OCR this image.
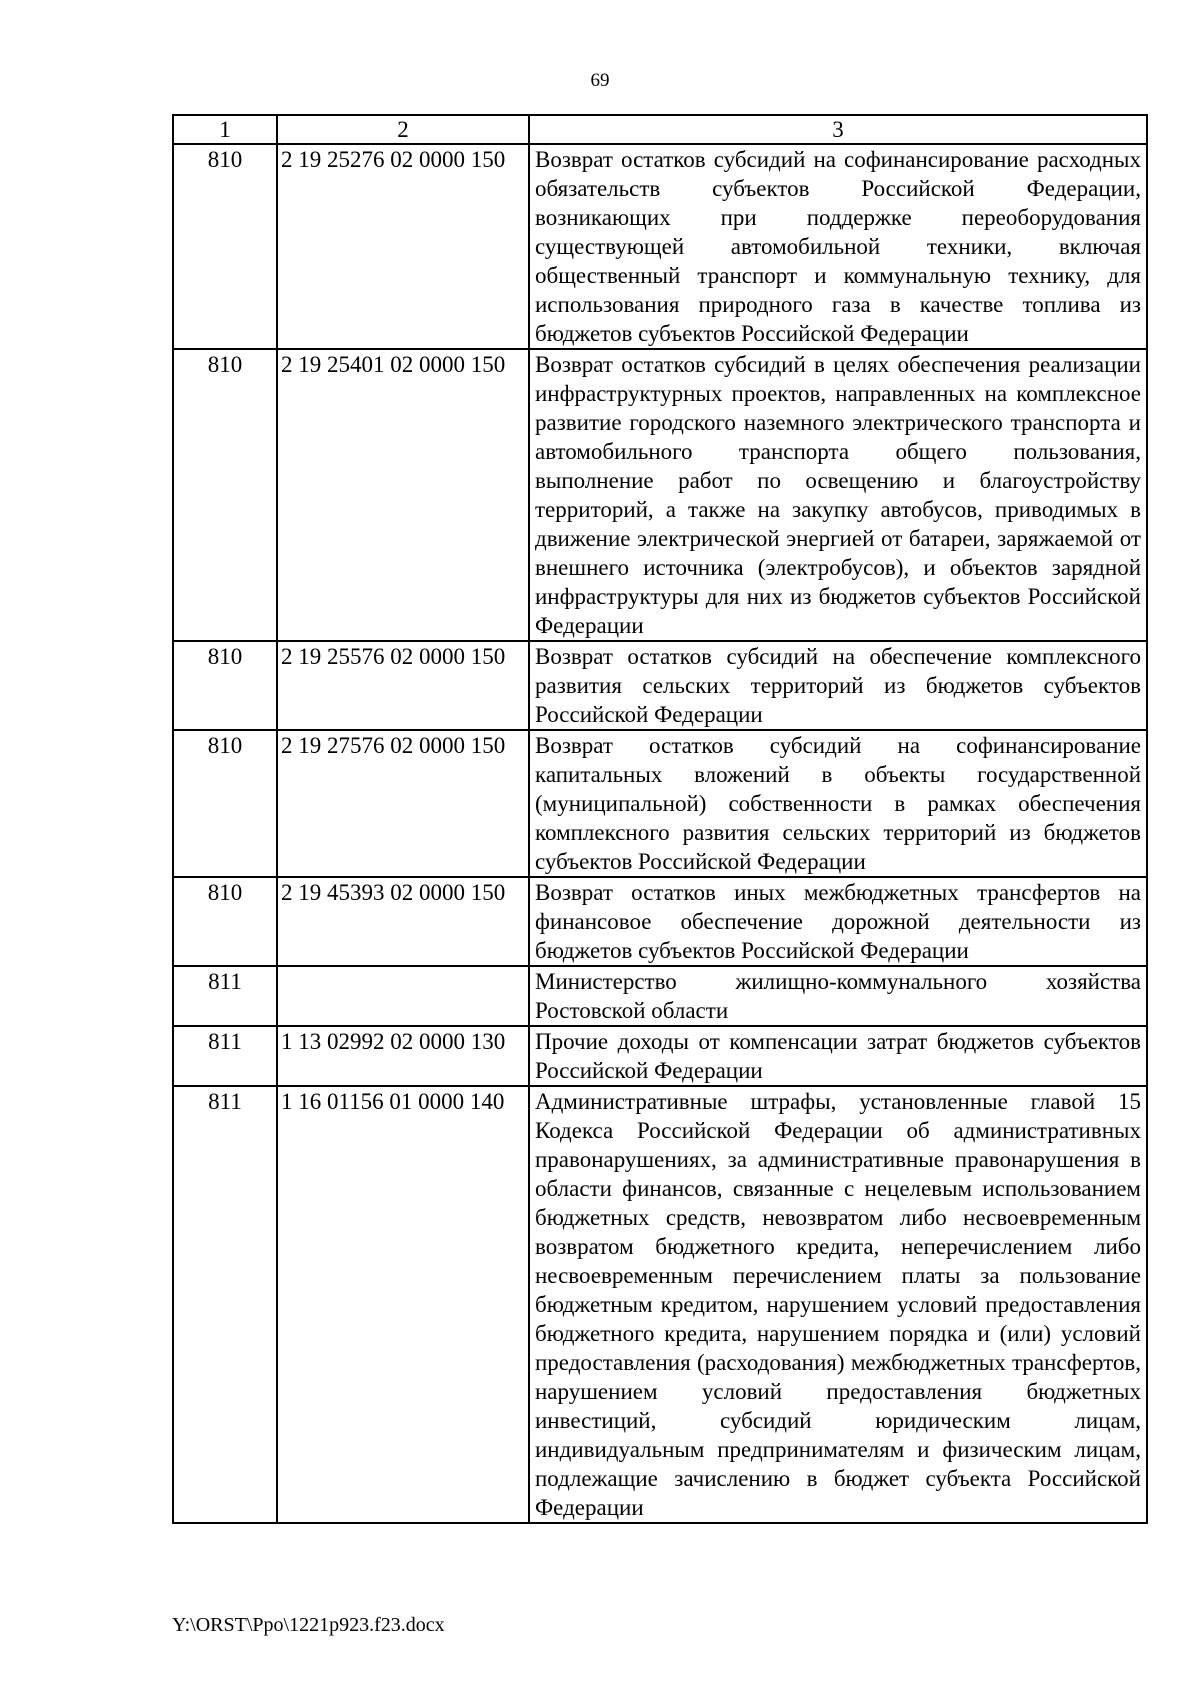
69
1	2	3
810	2 19 25276 02 0000 150	Возврат остатков субсидий на софинансирование расходных обязательств субъектов Российской Федерации, возникающих при поддержке переоборудования существующей автомобильной техники, включая общественный транспорт и коммунальную технику, для использования природного газа в качестве топлива из бюджетов субъектов Российской Федерации
810	2 19 25401 02 0000 150	Возврат остатков субсидий в целях обеспечения реализации инфраструктурных проектов, направленных на комплексное развитие городского наземного электрического транспорта и автомобильного транспорта общего пользования, выполнение работ по освещению и благоустройству территорий, а также на закупку автобусов, приводимых в движение электрической энергией от батареи, заряжаемой от внешнего источника (электробусов), и объектов зарядной инфраструктуры для них из бюджетов субъектов Российской Федерации
810	2 19 25576 02 0000 150	Возврат остатков субсидий на обеспечение комплексного развития сельских территорий из бюджетов субъектов Российской Федерации
810	2 19 27576 02 0000 150	Возврат остатков субсидий на софинансирование капитальных вложений в объекты государственной (муниципальной) собственности в рамках обеспечения комплексного развития сельских территорий из бюджетов субъектов Российской Федерации
810	2 19 45393 02 0000 150	Возврат остатков иных межбюджетных трансфертов на финансовое обеспечение дорожной деятельности из бюджетов субъектов Российской Федерации
811		Министерство жилищно-коммунального хозяйства Ростовской области
811	1 13 02992 02 0000 130	Прочие доходы от компенсации затрат бюджетов субъектов Российской Федерации
811	1 16 01156 01 0000 140	Административные штрафы, установленные главой 15 Кодекса Российской Федерации об административных правонарушениях, за административные правонарушения в области финансов, связанные с нецелевым использованием бюджетных средств, невозвратом либо несвоевременным возвратом бюджетного кредита, неперечислением либо несвоевременным перечислением платы за пользование бюджетным кредитом, нарушением условий предоставления бюджетного кредита, нарушением порядка и (или) условий предоставления (расходования) межбюджетных трансфертов, нарушением условий предоставления бюджетных инвестиций, субсидий юридическим лицам, индивидуальным предпринимателям и физическим лицам, подлежащие зачислению в бюджет субъекта Российской Федерации
Y:\ORST\Ppo\1221p923.f23.docx
